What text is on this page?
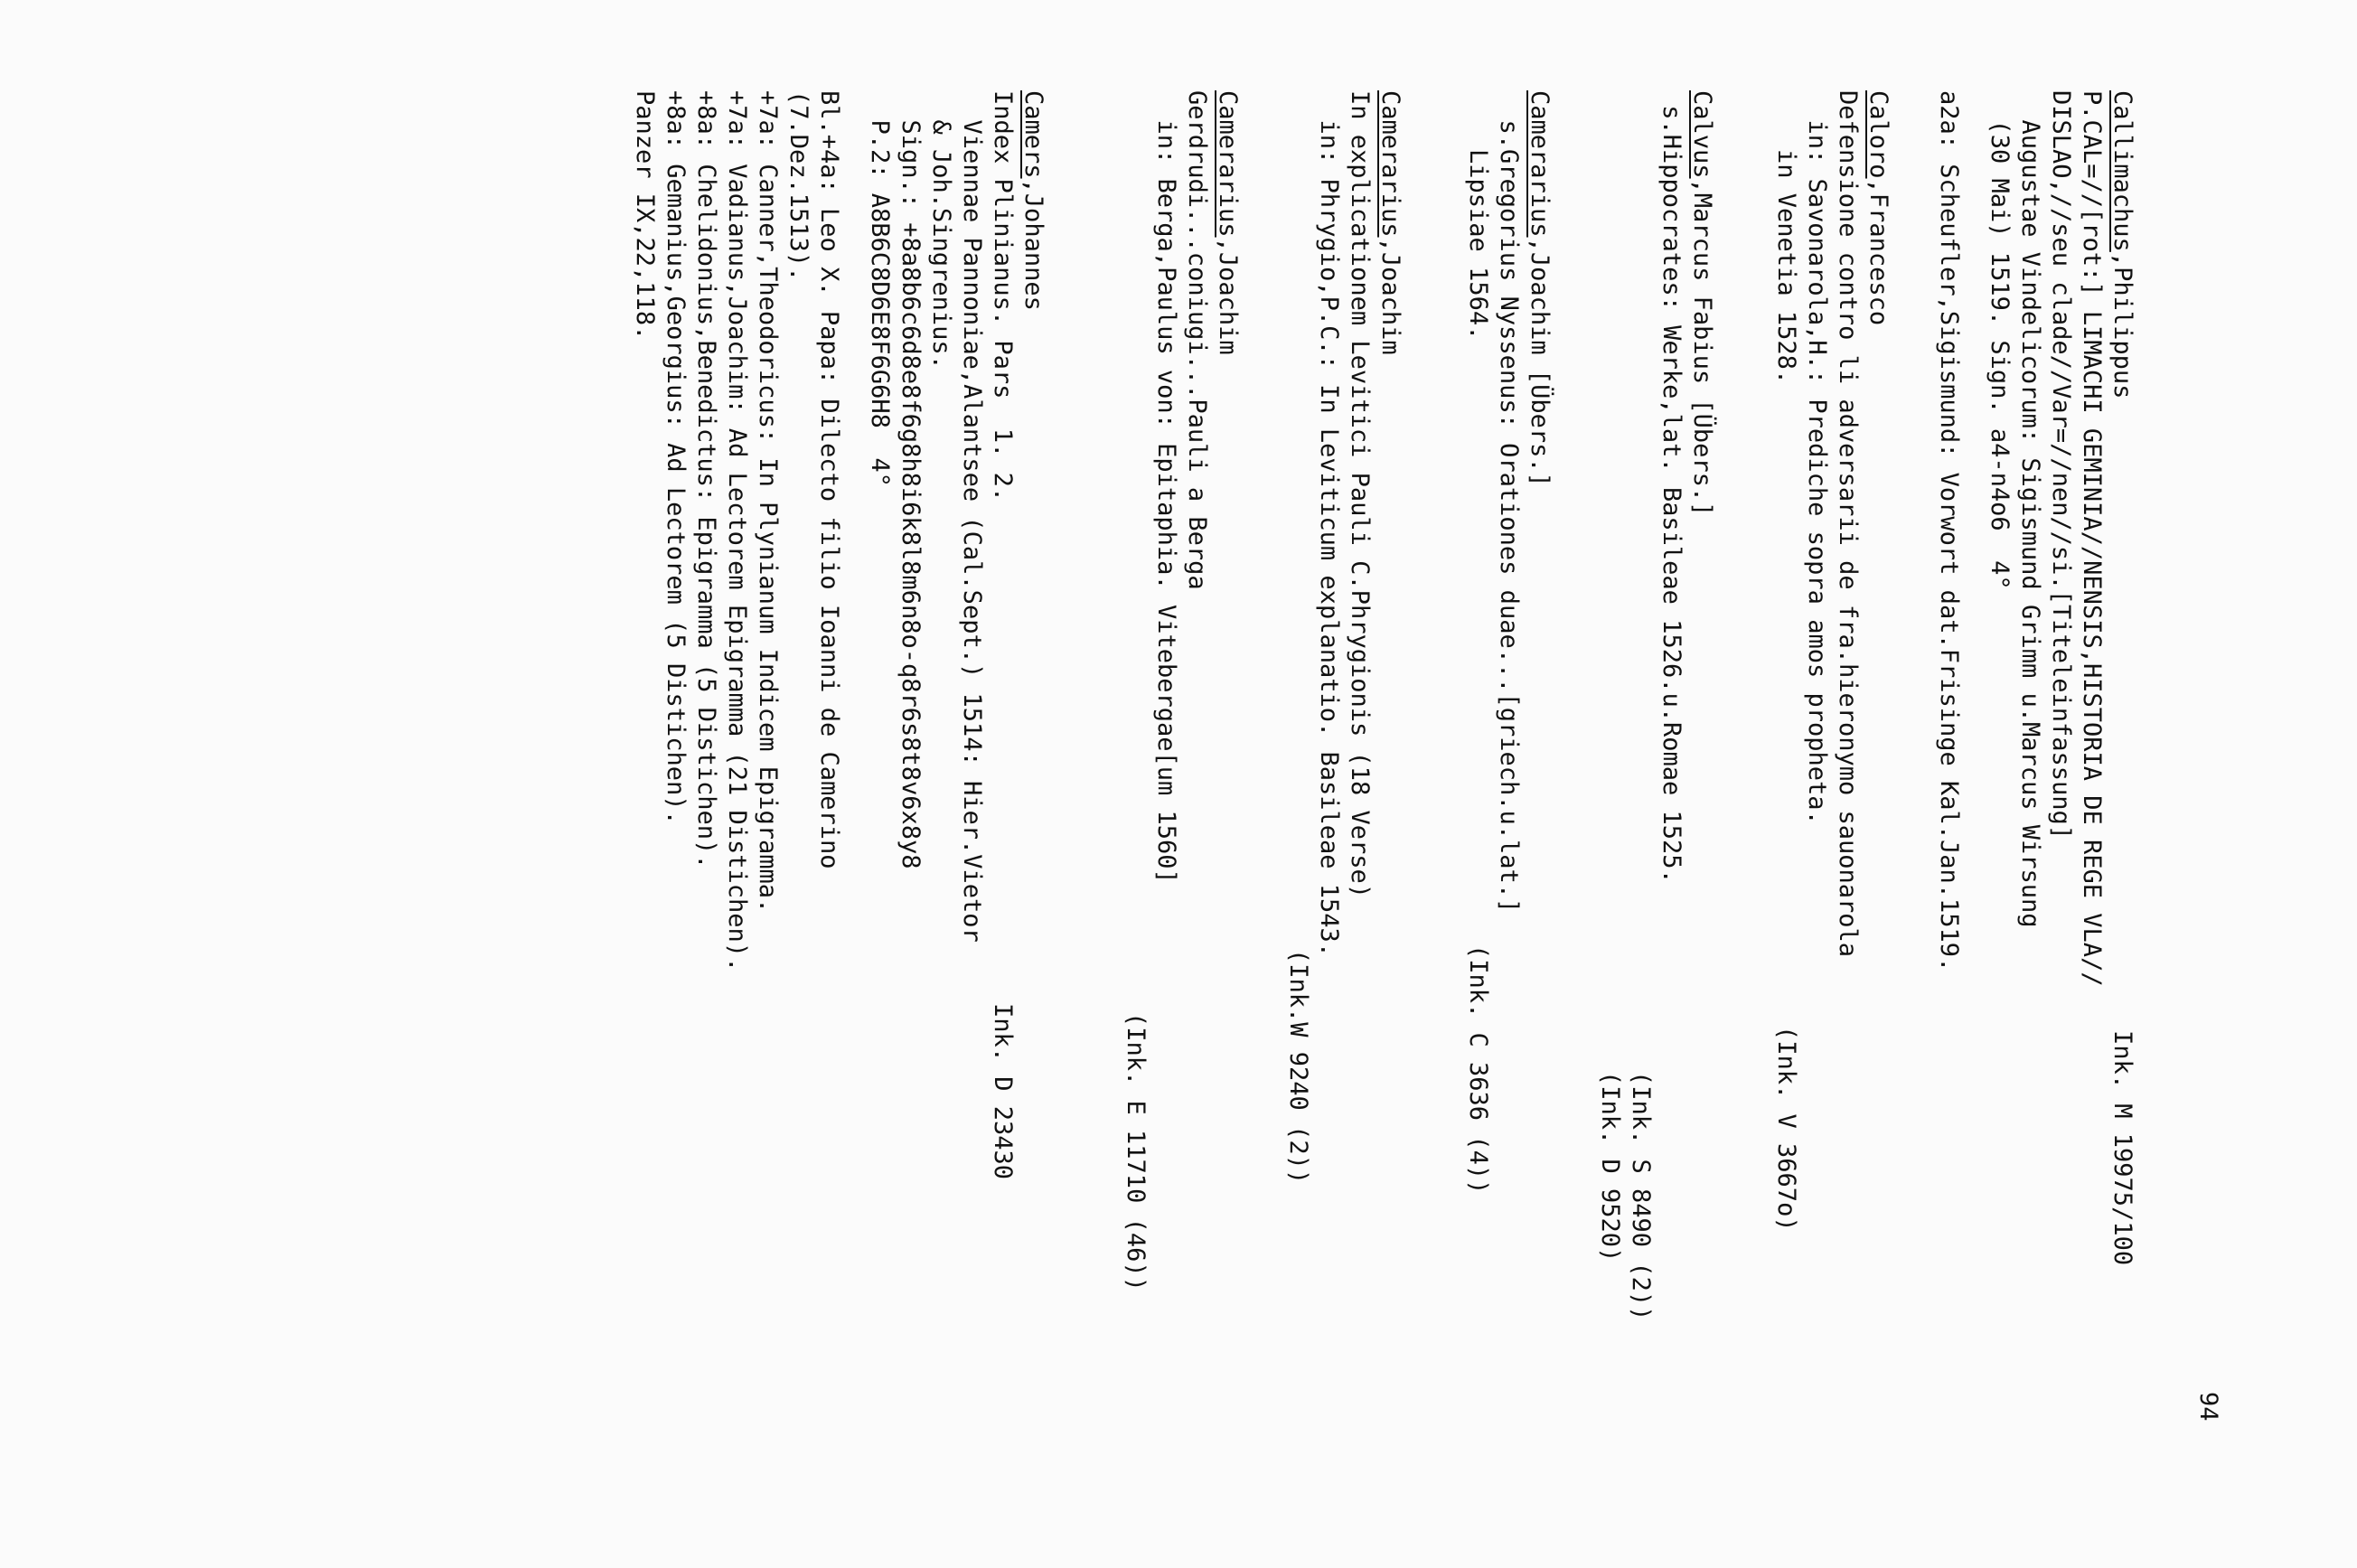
94
Callimachus,Philippus
Ink. M 19975/100
P.CAL=//[rot:] LIMACHI GEMINIA//NENSIS,HISTORIA DE REGE VLA//
DISLAO,//seu clade//Var=//nen//si.[Titeleinfassung]
Augustae Vindelicorum: Sigismund Grimm u.Marcus Wirsung
(30 Mai) 1519. Sign. a4-n4o6  4°
a2a: Scheufler,Sigismund: Vorwort dat.Frisinge Kal.Jan.1519.
Caloro,Francesco
Defensione contro li adversarii de fra.hieronymo sauonarola
in: Savonarola,H.: Prediche sopra amos propheta.
in Venetia 1528.
(Ink. V 3667o)
Calvus,Marcus Fabius [Übers.]
s.Hippocrates: Werke,lat. Basileae 1526.u.Romae 1525.
(Ink. S 8490 (2))
(Ink. D 9520)
Camerarius,Joachim [Übers.]
s.Gregorius Nyssenus: Orationes duae...[griech.u.lat.]
Lipsiae 1564.
(Ink. C 3636 (4))
Camerarius,Joachim
In explicationem Levitici Pauli C.Phrygionis (18 Verse)
in: Phrygio,P.C.: In Leviticum explanatio. Basileae 1543.
(Ink.W 9240 (2))
Camerarius,Joachim
Gerdrudi...coniugi...Pauli a Berga
in: Berga,Paulus von: Epitaphia. Vitebergae[um 1560]
(Ink. E 11710 (46))
Camers,Johannes
Index Plinianus. Pars  1. 2.
Ink. D 23430
Viennae Pannoniae,Alantsee (Cal.Sept.) 1514: Hier.Vietor
& Joh.Singrenius.
Sign.: +8a8b6c6d8e8f6g8h8i6k8l8m6n8o-q8r6s8t8v6x8y8
P.2: A8B6C8D6E8F6G6H8  4°
Bl.+4a: Leo X. Papa: Dilecto filio Ioanni de Camerino
(7.Dez.1513).
+7a: Canner,Theodoricus: In Plynianum Indicem Epigramma.
+7a: Vadianus,Joachim: Ad Lectorem Epigramma (21 Distichen).
+8a: Chelidonius,Benedictus: Epigramma (5 Distichen).
+8a: Gemanius,Georgius: Ad Lectorem (5 Distichen).
Panzer IX,22,118.
